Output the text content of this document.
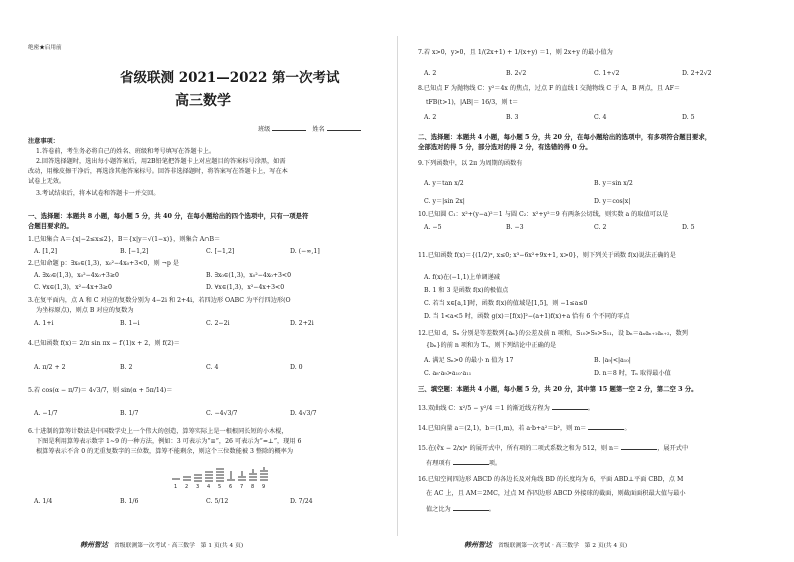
绝密★启用前
省级联测 2021—2022 第一次考试
高三数学
班级	姓名
注意事项：
1.答卷前，考生务必将自己的姓名、班级和考号填写在答题卡上。
2.回答选择题时，选出每小题答案后，用2B铅笔把答题卡上对应题目的答案标号涂黑，如需
改动，用橡皮擦干净后，再选涂其他答案标号。回答非选择题时，将答案写在答题卡上，写在本
试卷上无效。
3.考试结束后，将本试卷和答题卡一并交回。
一、选择题：本题共 8 小题，每小题 5 分，共 40 分，在每小题给出的四个选项中，只有一项是符
合题目要求的。
1.已知集合 A＝{x|−2≤x≤2}，B＝{x|y＝√(1−x)}，则集合 A∩B＝
A. [1,2]	B. [−1,2]	C. [−1,2]	D. (−∞,1]
2.已知命题 p：∃x₀∈(1,3)，x₀²−4x₀+3<0，则 ¬p 是
A. ∃x₀∈(1,3)，x₀²−4x₀+3≥0	B. ∃x₀∈(1,3)，x₀²−4x₀+3<0
C. ∀x∈(1,3)，x²−4x+3≥0	D. ∀x∈(1,3)，x²−4x+3<0
3.在复平面内，点 A 和 C 对应的复数分别为 4−2i 和 2+4i，若四边形 OABC 为平行四边形(O
为坐标原点)，则点 B 对应的复数为
A. 1+i	B. 1−i	C. 2−2i	D. 2+2i
4.已知函数 f(x)＝ 2/π sin πx − f′(1)x + 2，则 f(2)＝
A. π/2 + 2	B. 2	C. 4	D. 0
5.若 cos(α − π/7)＝ 4√3/7，则 sin(α + 5π/14)＝
A. −1/7	B. 1/7	C. −4√3/7	D. 4√3/7
6.十进制的算筹计数法是中国数学史上一个伟大的创造，算筹实际上是一根根同长短的小木棍，
下图是利用算筹表示数字 1~9 的一种方法，例如：3 可表示为“≡”，26 可表示为“=⊥”，现用 6
根算筹表示不含 0 的无重复数字的三位数，算筹不能剩余，则这个三位数能被 3 整除的概率为
1 2 3 4 5 6 7 8 9
A. 1/4	B. 1/6	C. 5/12	D. 7/24
韩州智达 省级联测第一次考试 · 高三数学　第 1 页(共 4 页)
7.若 x>0，y>0，且 1/(2x+1) + 1/(x+y) ＝1，则 2x+y 的最小值为
A. 2	B. 2√2	C. 1+√2	D. 2+2√2
8.已知点 F 为抛物线 C：y²＝4x 的焦点，过点 F 的直线 l 交抛物线 C 于 A，B 两点，且 AF＝
tFB(t>1)，|AB|＝ 16/3，则 t＝
A. 2	B. 3	C. 4	D. 5
二、选择题：本题共 4 小题，每小题 5 分，共 20 分，在每小题给出的选项中，有多项符合题目要求，
全部选对的得 5 分，部分选对的得 2 分，有选错的得 0 分。
9.下列函数中，以 2π 为周期的函数有
A. y＝tan x/2	B. y＝sin x/2
C. y＝|sin 2x|	D. y＝cos|x|
10.已知圆 C₁：x²+(y−a)²＝1 与圆 C₂：x²+y²＝9 有两条公切线，则实数 a 的取值可以是
A. −5	B. −3	C. 2	D. 5
11.已知函数 f(x)＝{(1/2)ˣ, x≤0; x³−6x²+9x+1, x>0}，则下列关于函数 f(x)说法正确的是
A. f(x)在(−1,1)上单调递减
B. 1 和 3 是函数 f(x)的极值点
C. 若当 x∈[a,1]时，函数 f(x)的值域是[1,5]，则 −1≤a≤0
D. 当 1<a<5 时，函数 g(x)＝[f(x)]²−(a+1)f(x)+a 恰有 6 个不同的零点
12.已知 d，Sₙ 分别是等差数列{aₙ}的公差及前 n 项和，S₁₀>S₉>S₁₁，设 bₙ＝aₙaₙ₊₁aₙ₊₂，数列
{bₙ}的前 n 项和为 Tₙ，则下列结论中正确的是
A. 满足 Sₙ>0 的最小 n 值为 17	B. |a₉|<|a₁₀|
C. a₈·a₉>a₁₀·a₁₁	D. n＝8 时，Tₙ 取得最小值
三、填空题：本题共 4 小题，每小题 5 分，共 20 分，其中第 15 题第一空 2 分，第二空 3 分。
13.双曲线 C：x²/5 − y²/4 ＝1 的渐近线方程为	。
14.已知向量 a＝(2,1)，b＝(1,m)，若 a·b+a²＝b²，则 m＝	。
15.在(∛x − 2/x)ⁿ 的展开式中，所有项的二项式系数之和为 512，则 n＝	，展开式中
有理项有	项。
16.已知空间四边形 ABCD 的各边长及对角线 BD 的长度均为 6，平面 ABD⊥平面 CBD，点 M
在 AC 上，且 AM＝2MC，过点 M 作四边形 ABCD 外接球的截面，则截面面积最大值与最小
值之比为	。
韩州智达 省级联测第一次考试 · 高三数学　第 2 页(共 4 页)
